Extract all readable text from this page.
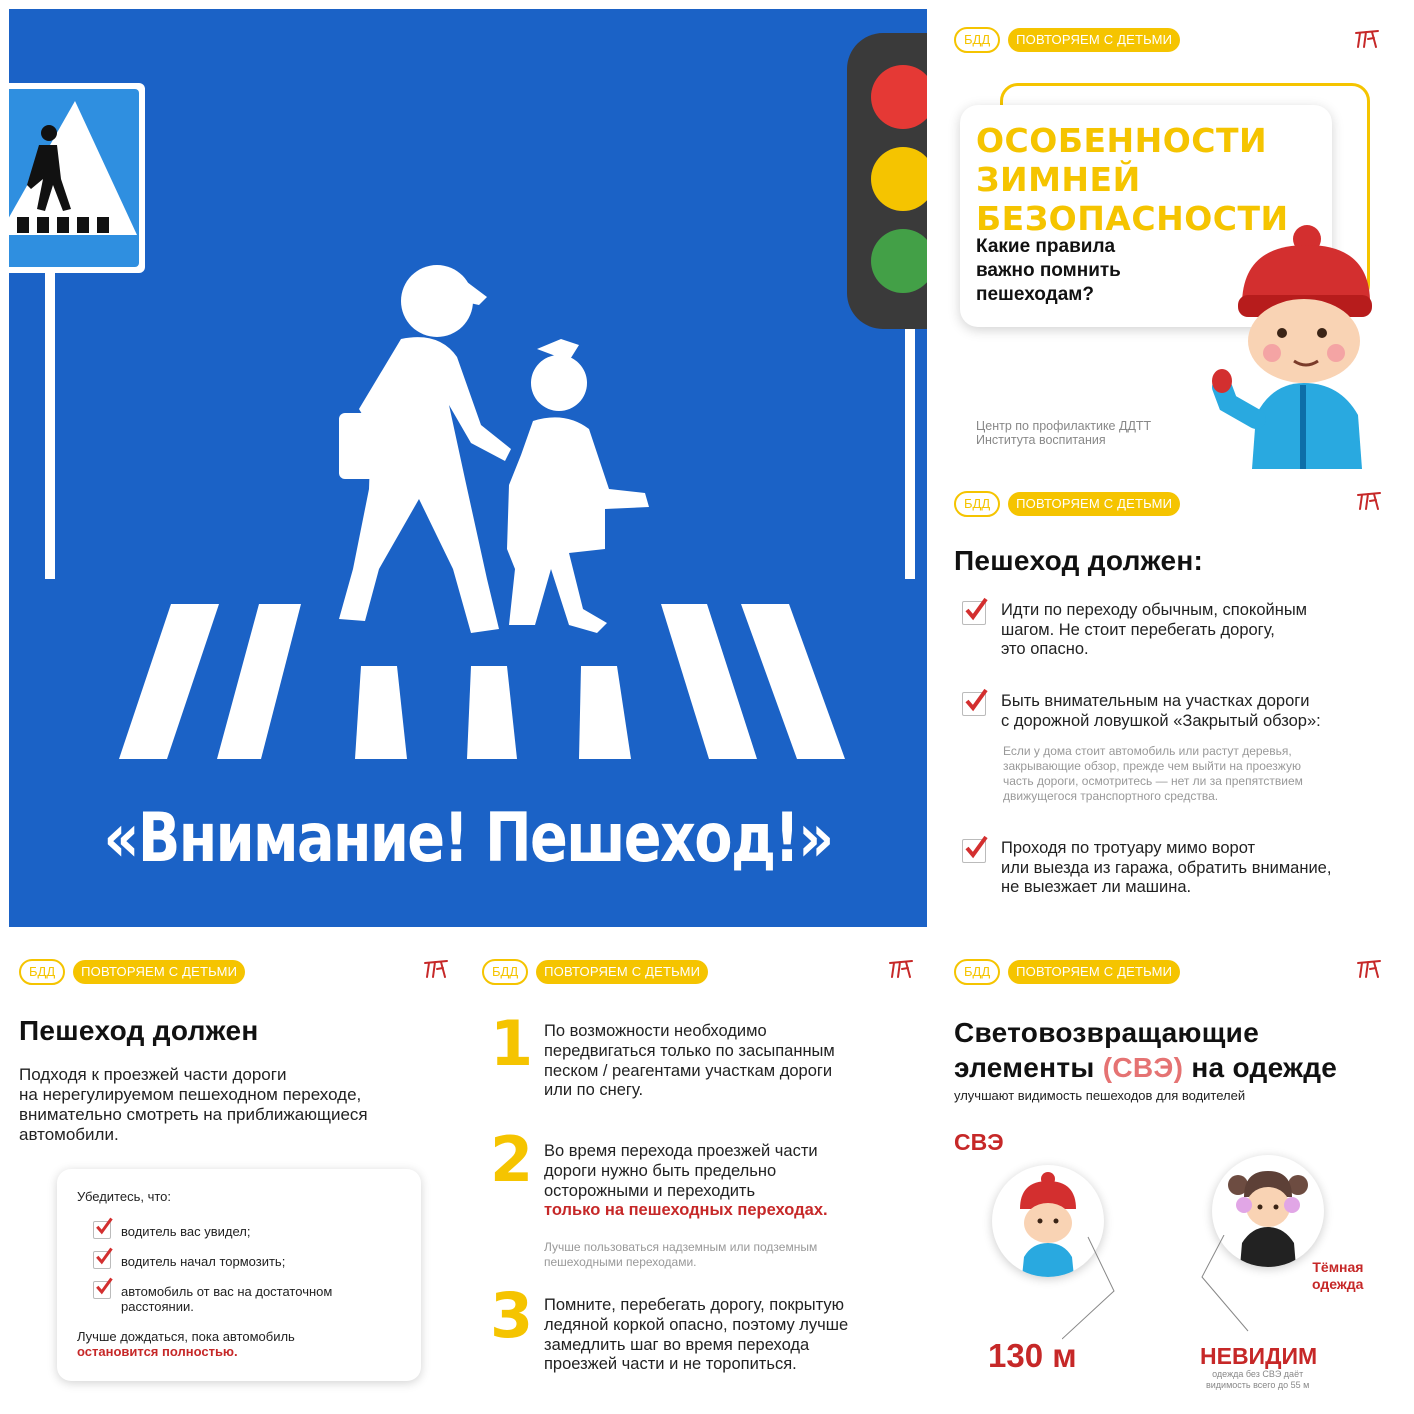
«Внимание! Пешеход!»
БДД	ПОВТОРЯЕМ С ДЕТЬМИ
ОСОБЕННОСТИ
ЗИМНЕЙ
БЕЗОПАСНОСТИ
Какие правила
важно помнить
пешеходам?
Центр по профилактике ДДТТ
Института воспитания
БДД	ПОВТОРЯЕМ С ДЕТЬМИ
Пешеход должен:
Идти по переходу обычным, спокойным
шагом. Не стоит перебегать дорогу,
это опасно.
Быть внимательным на участках дороги
с дорожной ловушкой «Закрытый обзор»:
Если у дома стоит автомобиль или растут деревья,
закрывающие обзор, прежде чем выйти на проезжую
часть дороги, осмотритесь — нет ли за препятствием
движущегося транспортного средства.
Проходя по тротуару мимо ворот
или выезда из гаража, обратить внимание,
не выезжает ли машина.
БДД	ПОВТОРЯЕМ С ДЕТЬМИ
Пешеход должен
Подходя к проезжей части дороги
на нерегулируемом пешеходном переходе,
внимательно смотреть на приближающиеся
автомобили.
Убедитесь, что:
водитель вас увидел;
водитель начал тормозить;
автомобиль от вас на достаточном
расстоянии.
Лучше дождаться, пока автомобиль
остановится полностью.
БДД	ПОВТОРЯЕМ С ДЕТЬМИ
1 По возможности необходимо
передвигаться только по засыпанным
песком / реагентами участкам дороги
или по снегу.
2 Во время перехода проезжей части
дороги нужно быть предельно
осторожными и переходить
только на пешеходных переходах.
Лучше пользоваться надземным или подземным
пешеходными переходами.
3 Помните, перебегать дорогу, покрытую
ледяной коркой опасно, поэтому лучше
замедлить шаг во время перехода
проезжей части и не торопиться.
БДД	ПОВТОРЯЕМ С ДЕТЬМИ
Световозвращающие
элементы (СВЭ) на одежде
улучшают видимость пешеходов для водителей
СВЭ
130 м	НЕВИДИМ
Тёмная
одежда
одежда без СВЭ даёт
видимость всего до 55 м
